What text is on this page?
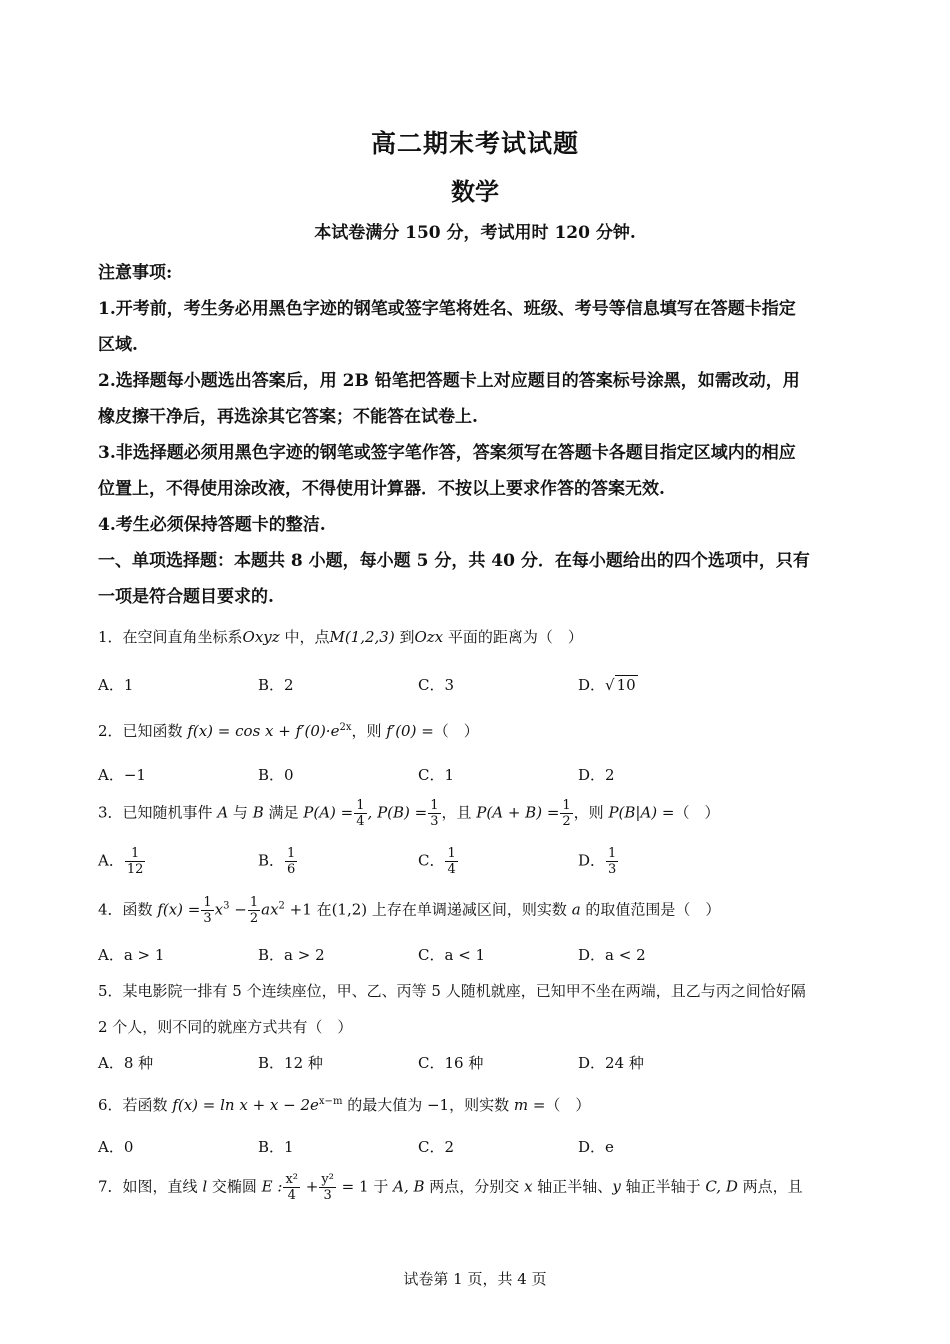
高二期末考试试题
数学
本试卷满分 150 分，考试用时 120 分钟.
注意事项:
1.开考前，考生务必用黑色字迹的钢笔或签字笔将姓名、班级、考号等信息填写在答题卡指定
区域.
2.选择题每小题选出答案后，用 2B 铅笔把答题卡上对应题目的答案标号涂黑，如需改动，用
橡皮擦干净后，再选涂其它答案；不能答在试卷上.
3.非选择题必须用黑色字迹的钢笔或签字笔作答，答案须写在答题卡各题目指定区域内的相应
位置上，不得使用涂改液，不得使用计算器．不按以上要求作答的答案无效.
4.考生必须保持答题卡的整洁.
一、单项选择题：本题共 8 小题，每小题 5 分，共 40 分．在每小题给出的四个选项中，只有
一项是符合题目要求的.
1．在空间直角坐标系Oxyz 中，点M(1,2,3) 到Ozx 平面的距离为（　）
A．1	B．2	C．3	D．√ 10
2．已知函数 $f(x) = \cos x + f'(0)\cdot e^{2x}$，则 f′(0) =（　）
A．−1	B．0	C．1	D．2
3．已知随机事件 A 与 B 满足 $P(A) = \frac{1}{4}$ , $P(B) = \frac{1}{3}$ ，且 $P(A + B) = \frac{1}{2}$ ，则 P(B|A) =（　）
A． $\frac{1}{12}$	B． $\frac{1}{6}$	C． $\frac{1}{4}$	D． $\frac{1}{3}$
4．函数 $f(x) = \frac{1}{3} x^3 - \frac{1}{2} ax^2 +1$ 在(1,2) 上存在单调递减区间，则实数 a 的取值范围是（　）
A．a > 1	B．a > 2	C．a < 1	D．a < 2
5．某电影院一排有 5 个连续座位，甲、乙、丙等 5 人随机就座，已知甲不坐在两端，且乙与丙之间恰好隔
2 个人，则不同的就座方式共有（　）
A．8 种	B．12 种	C．16 种	D．24 种
6．若函数 $f(x) = \ln x + x - 2e^{x-m}$ 的最大值为 −1，则实数 m =（　）
A．0	B．1	C．2	D．e
7．如图，直线 l 交椭圆 E : $\frac{\text{x²}}{4} + \frac{\text{y²}}{3} = 1$ 于 A, B 两点，分别交 x 轴正半轴、y 轴正半轴于 C, D 两点，且
试卷第 1 页，共 4 页
